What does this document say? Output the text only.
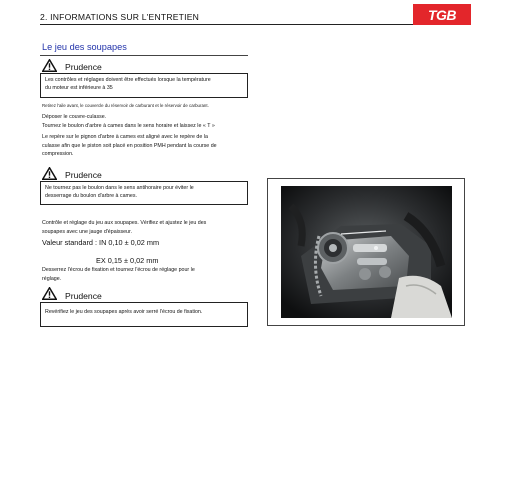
2. INFORMATIONS SUR L'ENTRETIEN	TGB
Le jeu des soupapes
Prudence
Les contrôles et réglages doivent être effectués lorsque la température
du moteur est inférieure à 35
Retirez l'aile avant, le couvercle du réservoir de carburant et le réservoir de carburant.
Déposer le couvre-culasse.
Tournez le boulon d'arbre à cames dans le sens horaire et laissez le « T »
Le repère sur le pignon d'arbre à cames est aligné avec le repère de la
culasse afin que le piston soit placé en position PMH pendant la course de
compression.
Prudence
Ne tournez pas le boulon dans le sens antihoraire pour éviter le
desserrage du boulon d'arbre à cames.
Contrôle et réglage du jeu aux soupapes. Vérifiez et ajustez le jeu des
soupapes avec une jauge d'épaisseur.
Valeur standard : IN 0,10 ± 0,02 mm
EX 0,15 ± 0,02 mm
Desserrez l'écrou de fixation et tournez l'écrou de réglage pour le
réglage.
Prudence
Revérifiez le jeu des soupapes après avoir serré l'écrou de fixation.
